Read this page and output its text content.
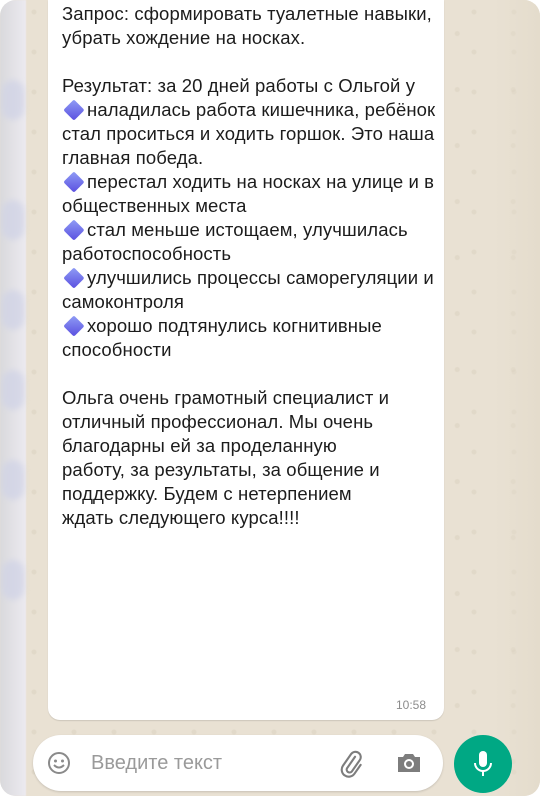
Запрос: сформировать туалетные навыки, убрать хождение на носках.

Результат: за 20 дней работы с Ольгой у

наладилась работа кишечника, ребёнок стал проситься и ходить горшок. Это наша главная победа.

перестал ходить на носках на улице и в общественных места

стал меньше истощаем, улучшилась работоспособность

улучшились процессы саморегуляции и самоконтроля

хорошо подтянулись когнитивные способности

Ольга очень грамотный специалист и отличный профессионал. Мы очень благодарны ей за проделанную работу, за результаты, за общение и поддержку. Будем с нетерпением ждать следующего курса!!!!

10:58
Введите текст
